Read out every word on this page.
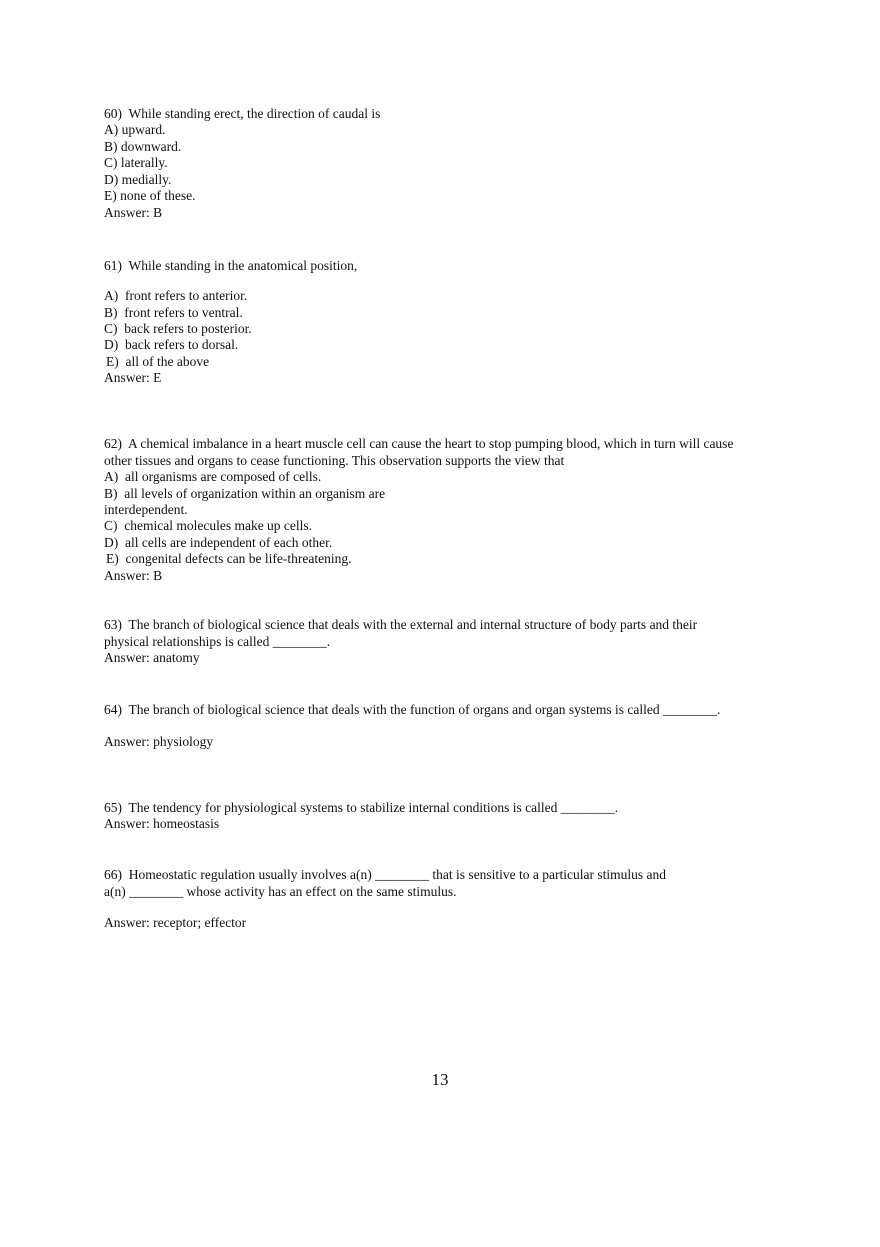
60)  While standing erect, the direction of caudal is
A) upward.
B) downward.
C) laterally.
D) medially.
E) none of these.
Answer: B
61)  While standing in the anatomical position,
A)  front refers to anterior.
B)  front refers to ventral.
C)  back refers to posterior.
D)  back refers to dorsal.
E)  all of the above
Answer: E
62)  A chemical imbalance in a heart muscle cell can cause the heart to stop pumping blood, which in turn will cause
other tissues and organs to cease functioning. This observation supports the view that
A)  all organisms are composed of cells.
B)  all levels of organization within an organism are
interdependent.
C)  chemical molecules make up cells.
D)  all cells are independent of each other.
E)  congenital defects can be life-threatening.
Answer: B
63)  The branch of biological science that deals with the external and internal structure of body parts and their
physical relationships is called ________.
Answer: anatomy
64)  The branch of biological science that deals with the function of organs and organ systems is called ________.
Answer: physiology
65)  The tendency for physiological systems to stabilize internal conditions is called ________.
Answer: homeostasis
66)  Homeostatic regulation usually involves a(n) ________ that is sensitive to a particular stimulus and
a(n) ________ whose activity has an effect on the same stimulus.
Answer: receptor; effector
13
